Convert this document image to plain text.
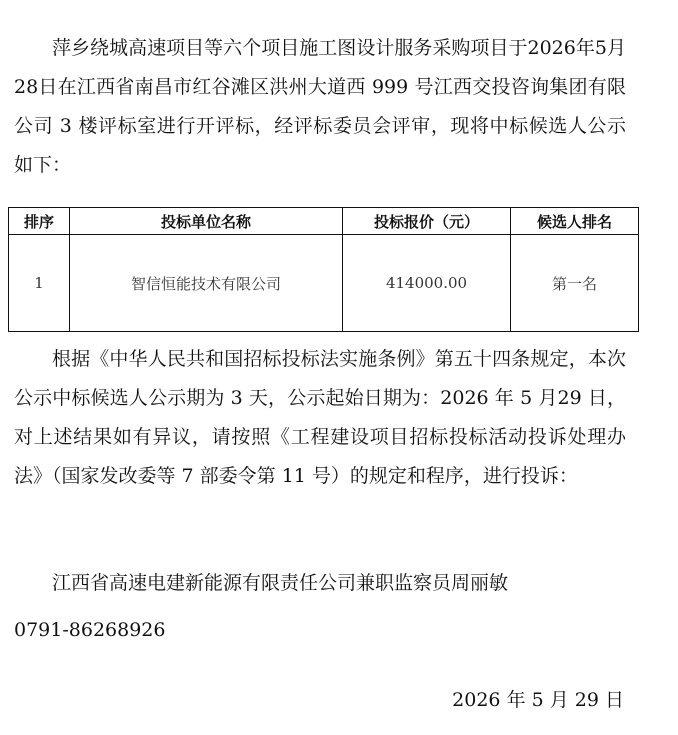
萍乡绕城高速项目等六个项目施工图设计服务采购项目于2026年5月28日在江西省南昌市红谷滩区洪州大道西 999 号江西交投咨询集团有限公司 3 楼评标室进行开评标，经评标委员会评审，现将中标候选人公示如下：

排序	投标单位名称	投标报价（元）	候选人排名
1	智信恒能技术有限公司	414000.00	第一名

根据《中华人民共和国招标投标法实施条例》第五十四条规定，本次公示中标候选人公示期为 3 天，公示起始日期为：2026 年 5 月29 日，对上述结果如有异议，请按照《工程建设项目招标投标活动投诉处理办法》（国家发改委等 7 部委令第 11 号）的规定和程序，进行投诉：

江西省高速电建新能源有限责任公司兼职监察员周丽敏

0791-86268926

2026 年 5 月 29 日
